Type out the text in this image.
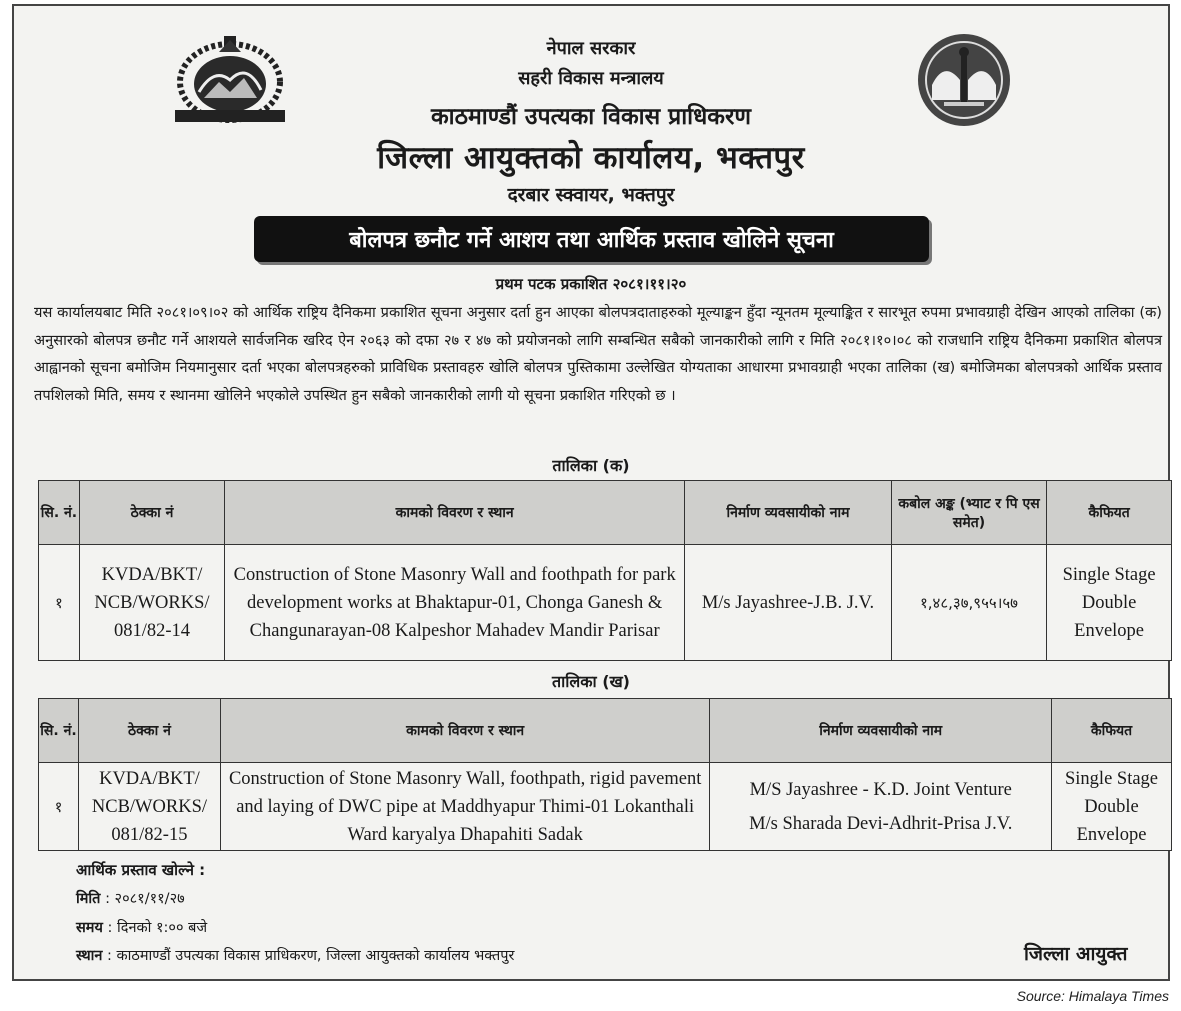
नेपाल सरकार
सहरी विकास मन्त्रालय
काठमाण्डौं उपत्यका विकास प्राधिकरण
जिल्ला आयुक्तको कार्यालय, भक्तपुर
दरबार स्क्वायर, भक्तपुर
बोलपत्र छनौट गर्ने आशय तथा आर्थिक प्रस्ताव खोलिने सूचना
प्रथम पटक प्रकाशित २०८१।११।२०
यस कार्यालयबाट मिति २०८१।०९।०२ को आर्थिक राष्ट्रिय दैनिकमा प्रकाशित सूचना अनुसार दर्ता हुन आएका बोलपत्रदाताहरुको मूल्याङ्कन हुँदा न्यूनतम मूल्याङ्कित र सारभूत रुपमा प्रभावग्राही देखिन आएको तालिका (क) अनुसारको बोलपत्र छनौट गर्ने आशयले सार्वजनिक खरिद ऐन २०६३ को दफा २७ र ४७ को प्रयोजनको लागि सम्बन्धित सबैको जानकारीको लागि र मिति २०८१।१०।०८ को राजधानि राष्ट्रिय दैनिकमा प्रकाशित बोलपत्र आह्वानको सूचना बमोजिम नियमानुसार दर्ता भएका बोलपत्रहरुको प्राविधिक प्रस्तावहरु खोलि बोलपत्र पुस्तिकामा उल्लेखित योग्यताका आधारमा प्रभावग्राही भएका तालिका (ख) बमोजिमका बोलपत्रको आर्थिक प्रस्ताव तपशिलको मिति, समय र स्थानमा खोलिने भएकोले उपस्थित हुन सबैको जानकारीको लागी यो सूचना प्रकाशित गरिएको छ ।
तालिका (क)
सि. नं.	ठेक्का नं	कामको विवरण र स्थान	निर्माण व्यवसायीको नाम	कबोल अङ्क (भ्याट र पि एस समेत)	कैफियत
१	KVDA/BKT/ NCB/WORKS/ 081/82-14	Construction of Stone Masonry Wall and foothpath for park development works at Bhaktapur-01, Chonga Ganesh & Changunarayan-08 Kalpeshor Mahadev Mandir Parisar	M/s Jayashree-J.B. J.V.	१,४८,३७,९५५।५७	Single Stage Double Envelope
तालिका (ख)
सि. नं.	ठेक्का नं	कामको विवरण र स्थान	निर्माण व्यवसायीको नाम	कैफियत
१	KVDA/BKT/ NCB/WORKS/ 081/82-15	Construction of Stone Masonry Wall, foothpath, rigid pavement and laying of DWC pipe at Maddhyapur Thimi-01 Lokanthali Ward karyalya Dhapahiti Sadak	M/S Jayashree - K.D. Joint Venture
M/s Sharada Devi-Adhrit-Prisa J.V.	Single Stage Double Envelope
आर्थिक प्रस्ताव खोल्ने :
मिति : २०८१/११/२७
समय : दिनको १:०० बजे
स्थान : काठमाण्डौं उपत्यका विकास प्राधिकरण, जिल्ला आयुक्तको कार्यालय भक्तपुर	जिल्ला आयुक्त
Source: Himalaya Times
